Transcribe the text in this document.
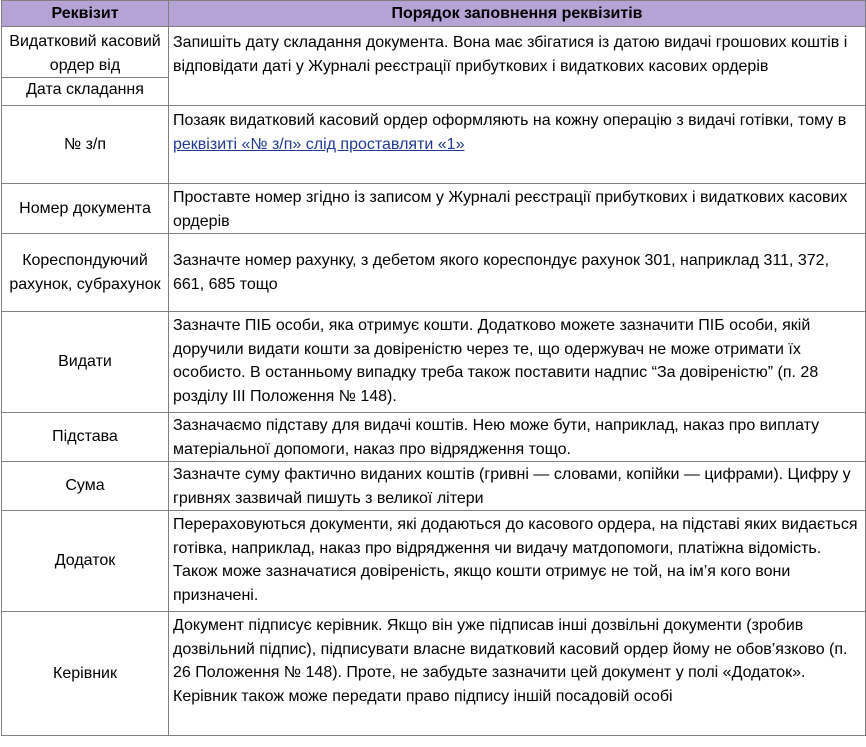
Реквізит	Порядок заповнення реквізитів
Видатковий касовий ордер від
Дата складання	Запишіть дату складання документа. Вона має збігатися із датою видачі грошових коштів і відповідати даті у Журналі реєстрації прибуткових і видаткових касових ордерів
№ з/п	Позаяк видатковий касовий ордер оформляють на кожну операцію з видачі готівки, тому в реквізиті «№ з/п» слід проставляти «1»
Номер документа	Проставте номер згідно із записом у Журналі реєстрації прибуткових і видаткових касових ордерів
Кореспондуючий рахунок, субрахунок	Зазначте номер рахунку, з дебетом якого кореспондує рахунок 301, наприклад 311, 372, 661, 685 тощо
Видати	Зазначте ПІБ особи, яка отримує кошти. Додатково можете зазначити ПІБ особи, якій доручили видати кошти за довіреністю через те, що одержувач не може отримати їх особисто. В останньому випадку треба також поставити надпис “За довіреністю” (п. 28 розділу ІІІ Положення № 148).
Підстава	Зазначаємо підставу для видачі коштів. Нею може бути, наприклад, наказ про виплату матеріальної допомоги, наказ про відрядження тощо.
Сума	Зазначте суму фактично виданих коштів (гривні — словами, копійки — цифрами). Цифру у гривнях зазвичай пишуть з великої літери
Додаток	Перераховуються документи, які додаються до касового ордера, на підставі яких видається готівка, наприклад, наказ про відрядження чи видачу матдопомоги, платіжна відомість. Також може зазначатися довіреність, якщо кошти отримує не той, на ім’я кого вони призначені.
Керівник	Документ підписує керівник. Якщо він уже підписав інші дозвільні документи (зробив дозвільний підпис), підписувати власне видатковий касовий ордер йому не обов’язково (п. 26 Положення № 148). Проте, не забудьте зазначити цей документ у полі «Додаток». Керівник також може передати право підпису іншій посадовій особі
